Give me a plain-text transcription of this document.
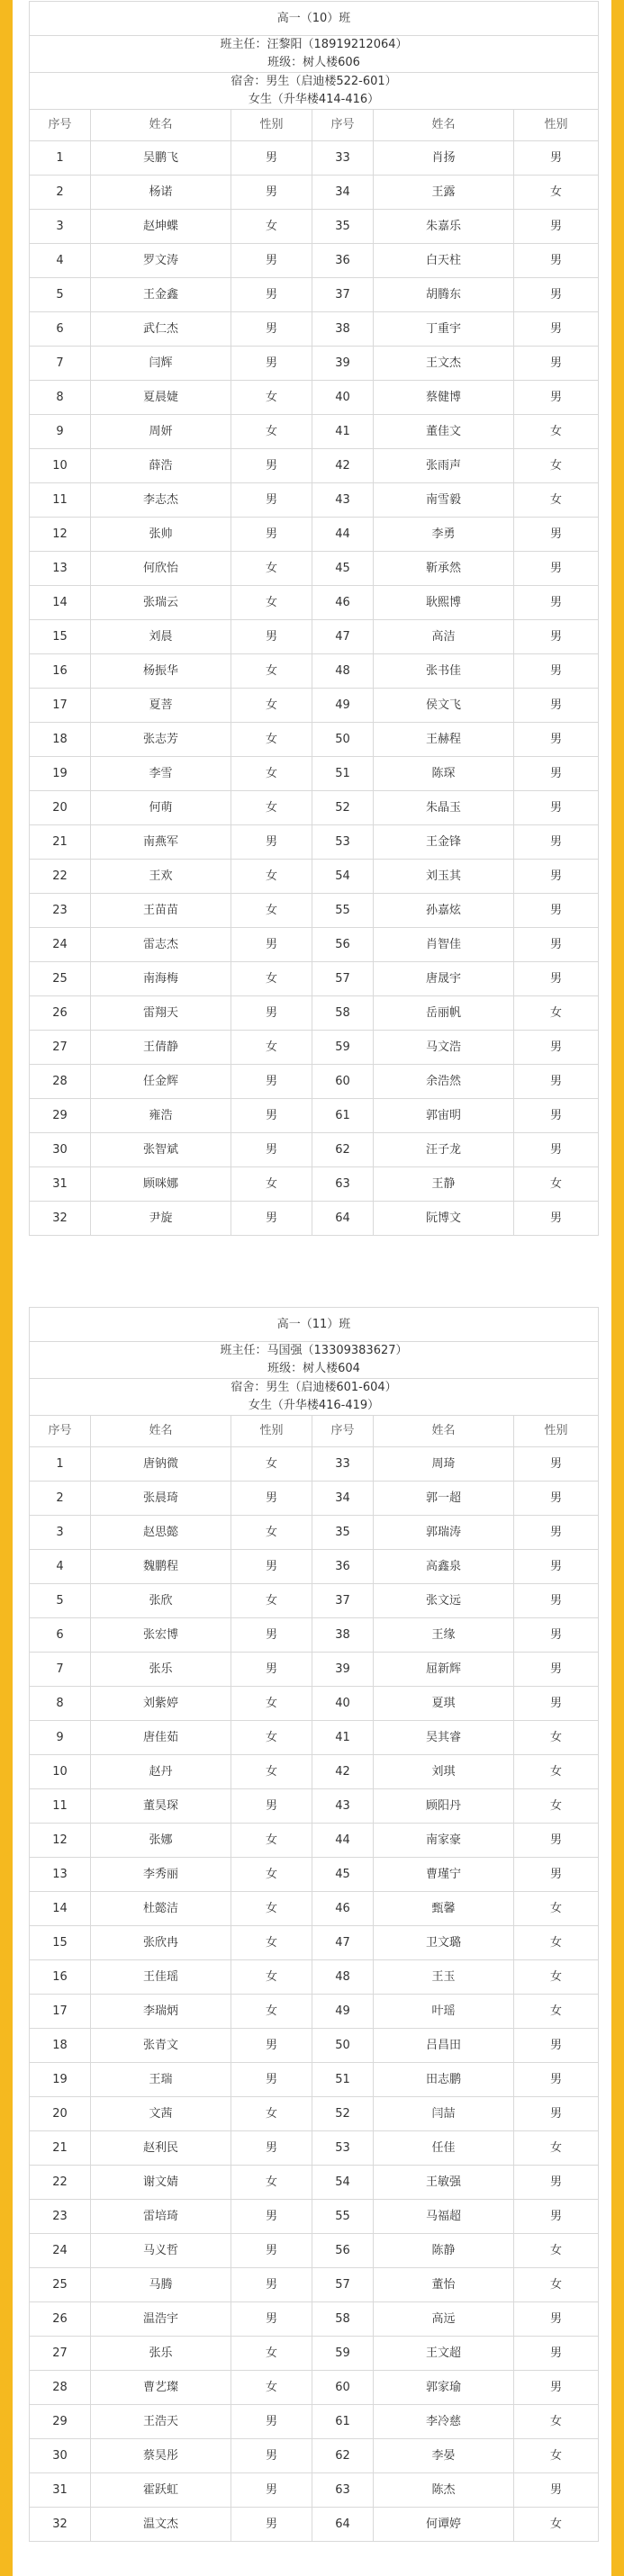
高一（10）班					

班主任：汪黎阳（18919212064）
班级：树人楼606					

宿舍：男生（启迪楼522-601）
女生（升华楼414-416）					

序号	姓名	性别	序号	姓名	性别
1	吴鹏飞	男	33	肖扬	男
2	杨诺	男	34	王露	女
3	赵坤蝶	女	35	朱嘉乐	男
4	罗文涛	男	36	白天柱	男
5	王金鑫	男	37	胡腾东	男
6	武仁杰	男	38	丁重宇	男
7	闫辉	男	39	王文杰	男
8	夏晨婕	女	40	蔡健博	男
9	周妍	女	41	董佳文	女
10	薛浩	男	42	张雨声	女
11	李志杰	男	43	南雪毅	女
12	张帅	男	44	李勇	男
13	何欣怡	女	45	靳承然	男
14	张瑞云	女	46	耿熙博	男
15	刘晨	男	47	高洁	男
16	杨振华	女	48	张书佳	男
17	夏菩	女	49	侯文飞	男
18	张志芳	女	50	王赫程	男
19	李雪	女	51	陈琛	男
20	何萌	女	52	朱晶玉	男
21	南燕军	男	53	王金锋	男
22	王欢	女	54	刘玉其	男
23	王苗苗	女	55	孙嘉炫	男
24	雷志杰	男	56	肖智佳	男
25	南海梅	女	57	唐晟宇	男
26	雷翔天	男	58	岳丽帆	女
27	王倩静	女	59	马文浩	男
28	任金辉	男	60	余浩然	男
29	雍浩	男	61	郭宙明	男
30	张智斌	男	62	汪子龙	男
31	顾咪娜	女	63	王静	女
32	尹旋	男	64	阮博文	男
高一（11）班					

班主任：马国强（13309383627）
班级：树人楼604					

宿舍：男生（启迪楼601-604）
女生（升华楼416-419）					

序号	姓名	性别	序号	姓名	性别
1	唐钠微	女	33	周琦	男
2	张晨琦	男	34	郭一超	男
3	赵思懿	女	35	郭瑞涛	男
4	魏鹏程	男	36	高鑫泉	男
5	张欣	女	37	张文远	男
6	张宏博	男	38	王缘	男
7	张乐	男	39	屈新辉	男
8	刘紫婷	女	40	夏琪	男
9	唐佳茹	女	41	吴其睿	女
10	赵丹	女	42	刘琪	女
11	董昊琛	男	43	顾阳丹	女
12	张娜	女	44	南家豪	男
13	李秀丽	女	45	曹瑾宁	男
14	杜懿洁	女	46	甄馨	女
15	张欣冉	女	47	卫文璐	女
16	王佳瑶	女	48	王玉	女
17	李瑞炳	女	49	叶瑶	女
18	张青文	男	50	吕昌田	男
19	王瑞	男	51	田志鹏	男
20	文茜	女	52	闫喆	男
21	赵利民	男	53	任佳	女
22	谢文婧	女	54	王敏强	男
23	雷培琦	男	55	马福超	男
24	马义哲	男	56	陈静	女
25	马腾	男	57	董怡	女
26	温浩宇	男	58	高远	男
27	张乐	女	59	王文超	男
28	曹艺璨	女	60	郭家瑜	男
29	王浩天	男	61	李冷慈	女
30	蔡昊彤	男	62	李晏	女
31	霍跃虹	男	63	陈杰	男
32	温文杰	男	64	何谭婷	女
